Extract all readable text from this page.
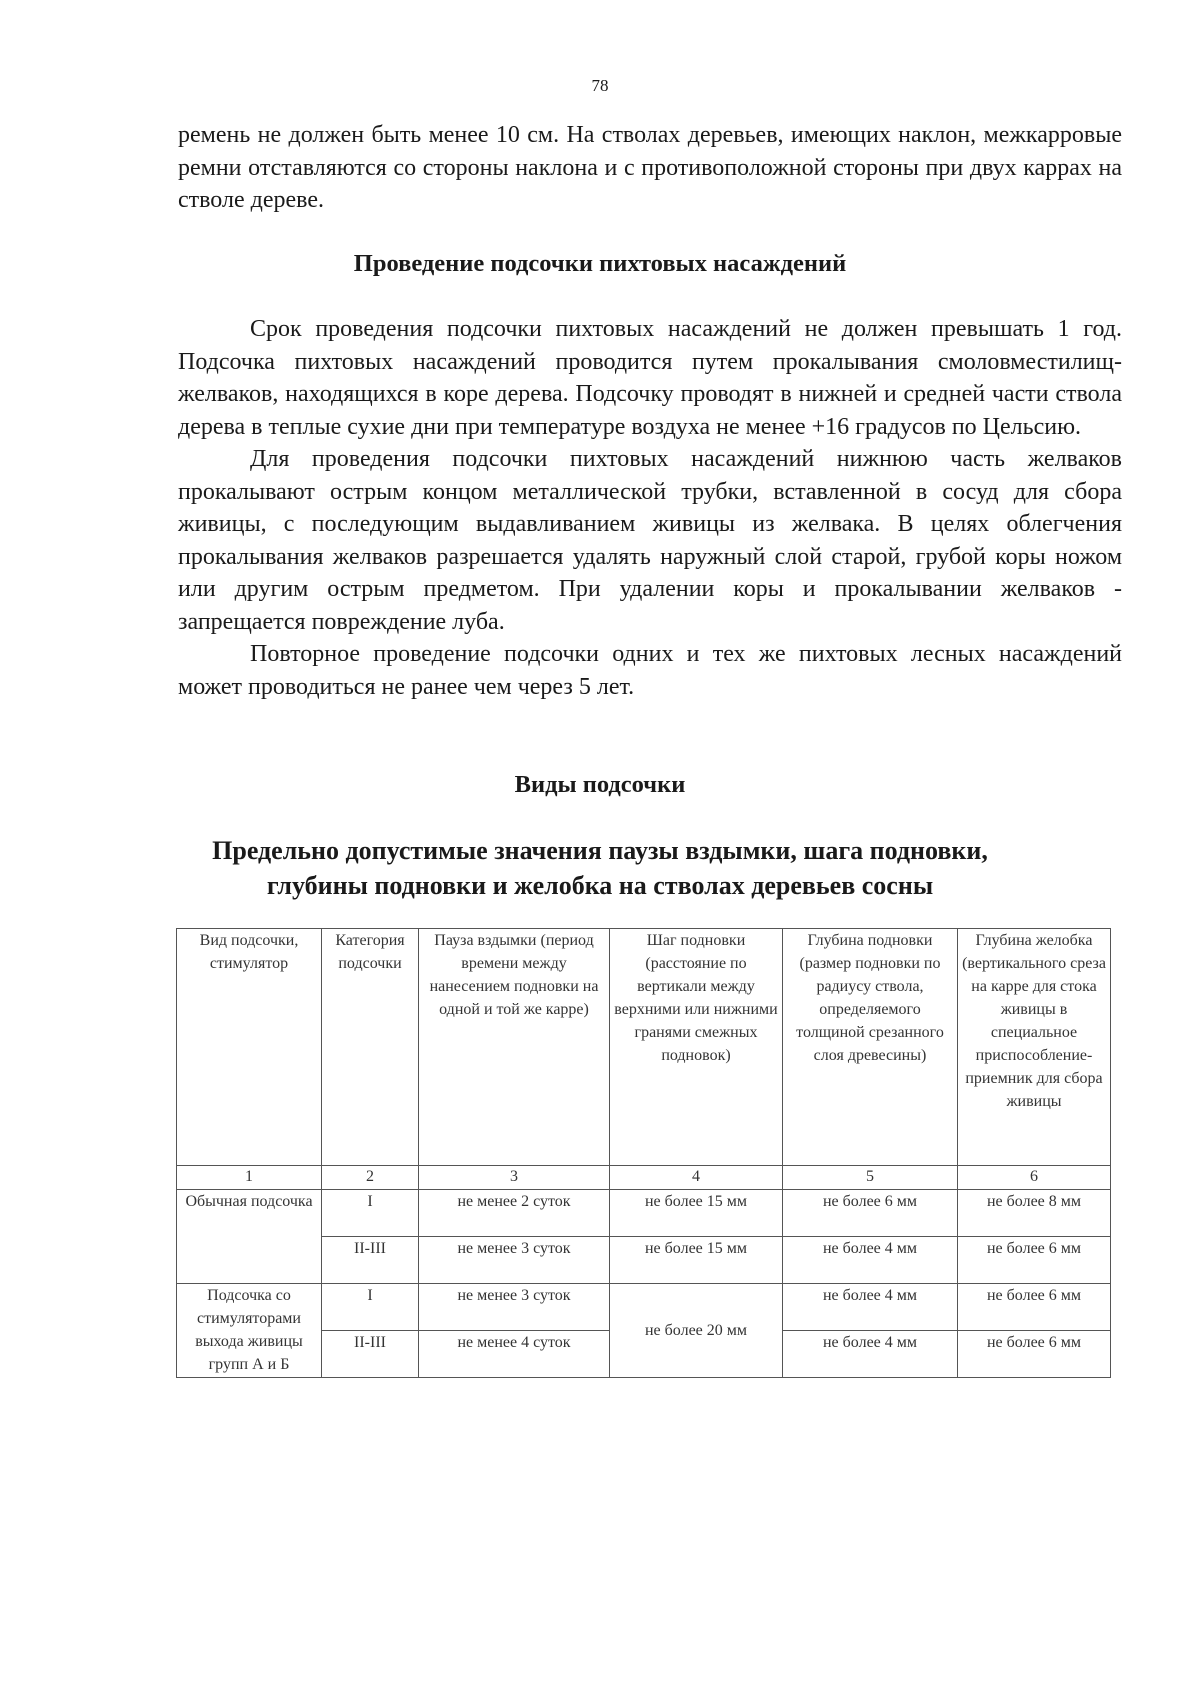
78

ремень не должен быть менее 10 см. На стволах деревьев, имеющих наклон, межкарровые ремни отставляются со стороны наклона и с противоположной стороны при двух каррах на стволе дереве.

Проведение подсочки пихтовых насаждений

Срок проведения подсочки пихтовых насаждений не должен превышать 1 год. Подсочка пихтовых насаждений проводится путем прокалывания смоловместилищ-желваков, находящихся в коре дерева. Подсочку проводят в нижней и средней части ствола дерева в теплые сухие дни при температуре воздуха не менее +16 градусов по Цельсию.

Для проведения подсочки пихтовых насаждений нижнюю часть желваков прокалывают острым концом металлической трубки, вставленной в сосуд для сбора живицы, с последующим выдавливанием живицы из желвака. В целях облегчения прокалывания желваков разрешается удалять наружный слой старой, грубой коры ножом или другим острым предметом. При удалении коры и прокалывании желваков - запрещается повреждение луба.

Повторное проведение подсочки одних и тех же пихтовых лесных насаждений может проводиться не ранее чем через 5 лет.

Виды подсочки
Предельно допустимые значения паузы вздымки, шага подновки,
глубины подновки и желобка на стволах деревьев сосны
Вид подсочки, стимулятор	Категория подсочки	Пауза вздымки (период времени между нанесением подновки на одной и той же карре)	Шаг подновки (расстояние по вертикали между верхними или нижними гранями смежных подновок)	Глубина подновки (размер подновки по радиусу ствола, определяемого толщиной срезанного слоя древесины)	Глубина желобка (вертикального среза на карре для стока живицы в специальное приспособление-приемник для сбора живицы
1	2	3	4	5	6
Обычная подсочка	I	не менее 2 суток	не более 15 мм	не более 6 мм	не более 8 мм
	II-III	не менее 3 суток	не более 15 мм	не более 4 мм	не более 6 мм
Подсочка со стимуляторами выхода живицы групп А и Б	I	не менее 3 суток	не более 20 мм	не более 4 мм	не более 6 мм
	II-III	не менее 4 суток		не более 4 мм	не более 6 мм
